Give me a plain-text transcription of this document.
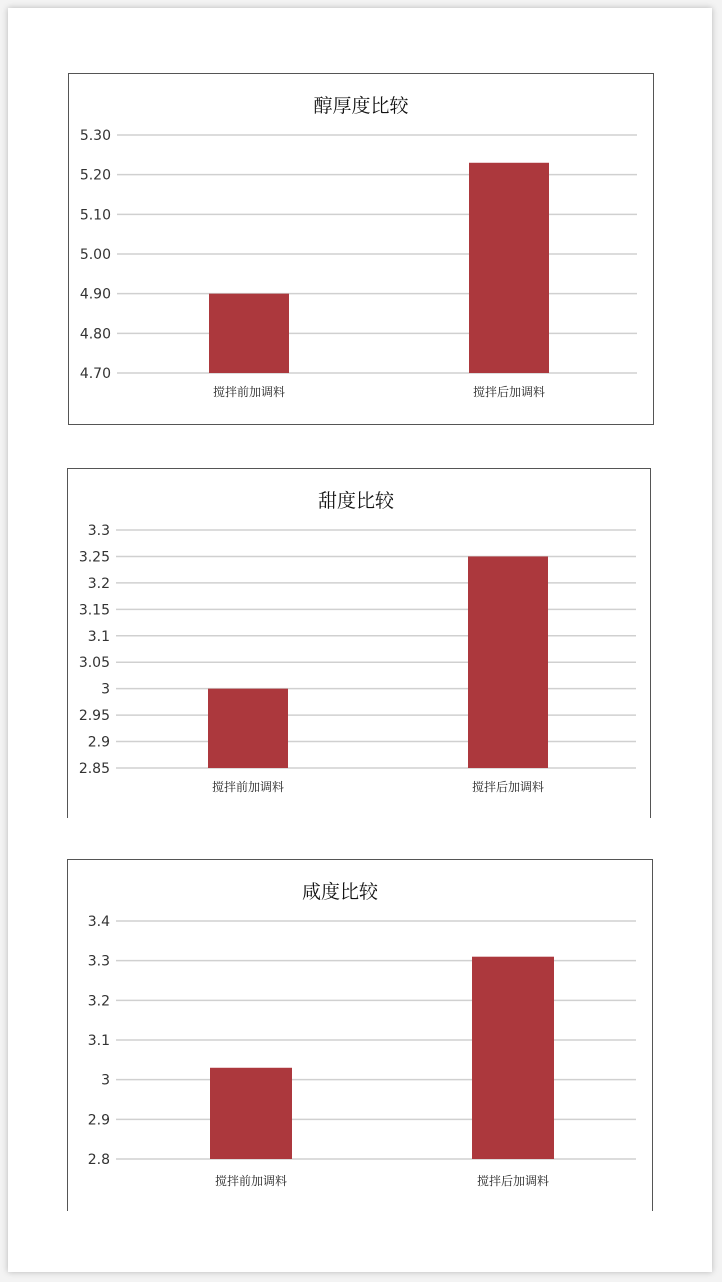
醇厚度比较
4.70
4.80
4.90
5.00
5.10
5.20
5.30
搅拌前加调料	搅拌后加调料
甜度比较
2.85
2.9
2.95
3
3.05
3.1
3.15
3.2
3.25
3.3
搅拌前加调料	搅拌后加调料
咸度比较
2.8
2.9
3
3.1
3.2
3.3
3.4
搅拌前加调料	搅拌后加调料
